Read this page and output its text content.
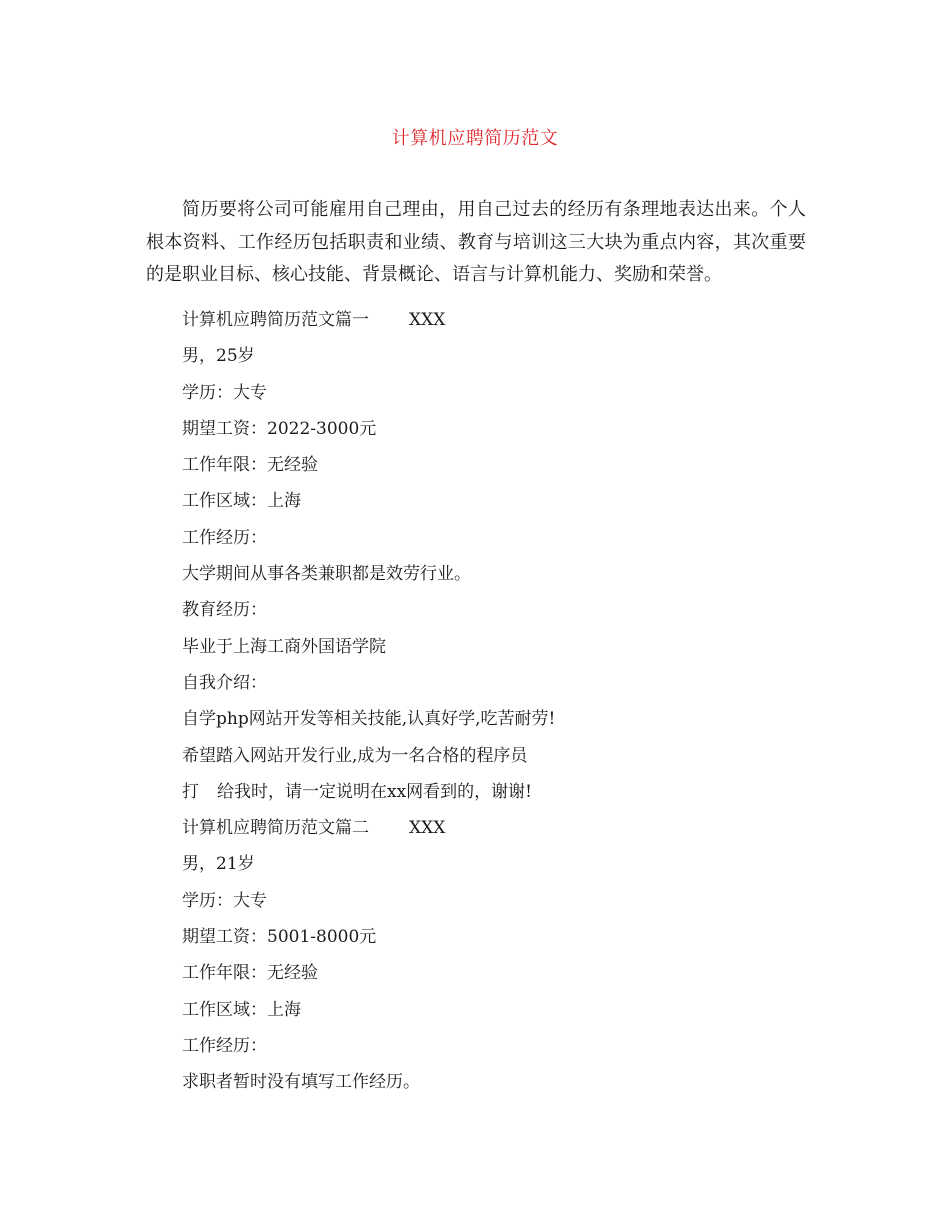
计算机应聘简历范文

简历要将公司可能雇用自己理由，用自己过去的经历有条理地表达出来。个人根本资料、工作经历包括职责和业绩、教育与培训这三大块为重点内容，其次重要的是职业目标、核心技能、背景概论、语言与计算机能力、奖励和荣誉。

计算机应聘简历范文篇一 XXX
男，25岁
学历：大专
期望工资：2022-3000元
工作年限：无经验
工作区域：上海
工作经历：
大学期间从事各类兼职都是效劳行业。
教育经历：
毕业于上海工商外国语学院
自我介绍：
自学php网站开发等相关技能,认真好学,吃苦耐劳!
希望踏入网站开发行业,成为一名合格的程序员
打 给我时，请一定说明在xx网看到的，谢谢!
计算机应聘简历范文篇二 XXX
男，21岁
学历：大专
期望工资：5001-8000元
工作年限：无经验
工作区域：上海
工作经历：
求职者暂时没有填写工作经历。
